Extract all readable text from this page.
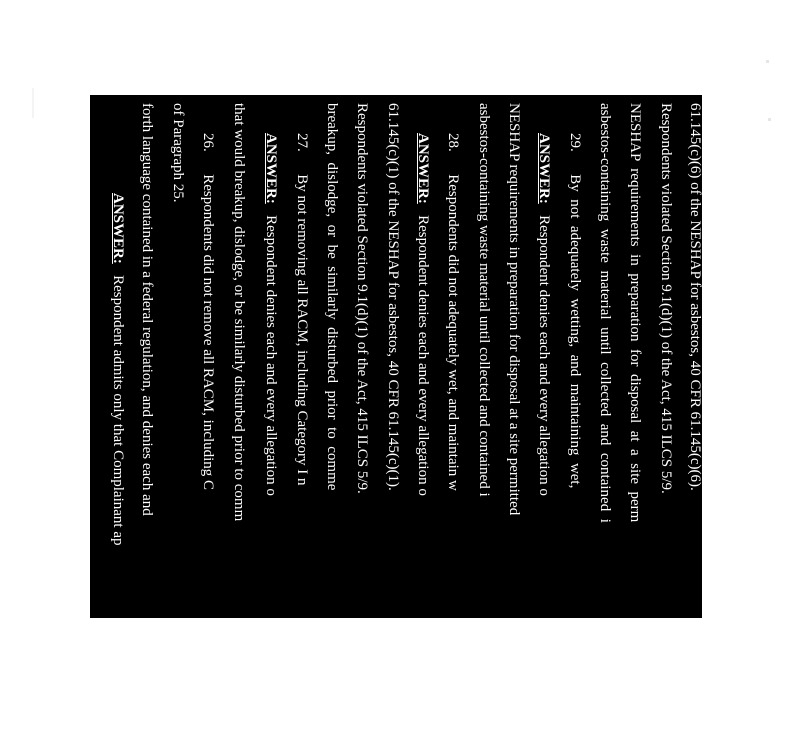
ANSWER:   Respondent admits only that Complainant ap forth language contained in a federal regulation, and denies each and of Paragraph 25. 26.      Respondents did not remove all RACM, including C that would breakup, dislodge, or be similarly disturbed prior to comm ANSWER:   Respondent denies each and every allegation o 27.      By not removing all RACM, including Category I n breakup,  dislodge,  or  be  similarly  disturbed  prior  to  comme Respondents violated Section 9.1(d)(1) of the Act, 415 ILCS 5/9. 61.145(c)(1) of the NESHAP for asbestos, 40 CFR 61.145(c)(1). ANSWER:   Respondent denies each and every allegation o 28.      Respondents did not adequately wet, and maintain w asbestos-containing waste material until collected and contained i NESHAP requirements in preparation for disposal at a site permitted ANSWER:   Respondent denies each and every allegation o 29.      By  not  adequately  wetting,  and  maintaining  wet, asbestos-containing  waste  material  until  collected  and  contained  i NESHAP  requirements  in  preparation  for  disposal  at  a  site  perm Respondents violated Section 9.1(d)(1) of the Act, 415 ILCS 5/9. 61.145(c)(6) of the NESHAP for asbestos, 40 CFR 61.145(c)(6). ANSWER:   Respondent denies each and every allegation o
